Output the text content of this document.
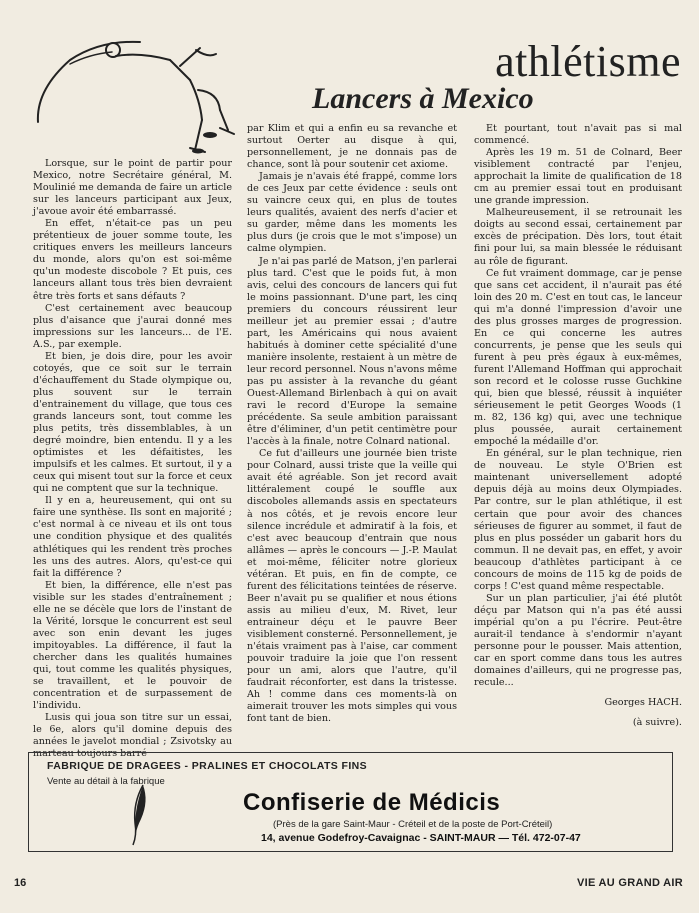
athlétisme
Lancers à Mexico

Lorsque, sur le point de partir pour Mexico, notre Secrétaire général, M. Moulinié me demanda de faire un article sur les lanceurs participant aux Jeux, j'avoue avoir été embarrassé.

En effet, n'était-ce pas un peu prétentieux de jouer somme toute, les critiques envers les meilleurs lanceurs du monde, alors qu'on est soi-même qu'un modeste discobole ? Et puis, ces lanceurs allant tous très bien devraient être très forts et sans défauts ?

C'est certainement avec beaucoup plus d'aisance que j'aurai donné mes impressions sur les lanceurs... de l'E. A.S., par exemple.

Et bien, je dois dire, pour les avoir cotoyés, que ce soit sur le terrain d'échauffement du Stade olympique ou, plus souvent sur le terrain d'entrainement du village, que tous ces grands lanceurs sont, tout comme les plus petits, très dissemblables, à un degré moindre, bien entendu. Il y a les optimistes et les défaitistes, les impulsifs et les calmes. Et surtout, il y a ceux qui misent tout sur la force et ceux qui ne comptent que sur la technique.

Il y en a, heureusement, qui ont su faire une synthèse. Ils sont en majorité ; c'est normal à ce niveau et ils ont tous une condition physique et des qualités athlétiques qui les rendent très proches les uns des autres. Alors, qu'est-ce qui fait la différence ?

Et bien, la différence, elle n'est pas visible sur les stades d'entraînement ; elle ne se décèle que lors de l'instant de la Vérité, lorsque le concurrent est seul avec son enin devant les juges impitoyables. La différence, il faut la chercher dans les qualités humaines qui, tout comme les qualités physiques, se travaillent, et le pouvoir de concentration et de surpassement de l'individu.

Lusis qui joua son titre sur un essai, le 6e, alors qu'il domine depuis des années le javelot mondial ; Zsivotsky au marteau toujours barré

par Klim et qui a enfin eu sa revanche et surtout Oerter au disque à qui, personnellement, je ne donnais pas de chance, sont là pour soutenir cet axiome.

Jamais je n'avais été frappé, comme lors de ces Jeux par cette évidence : seuls ont su vaincre ceux qui, en plus de toutes leurs qualités, avaient des nerfs d'acier et su garder, même dans les moments les plus durs (je crois que le mot s'impose) un calme olympien.

Je n'ai pas parlé de Matson, j'en parlerai plus tard. C'est que le poids fut, à mon avis, celui des concours de lancers qui fut le moins passionnant. D'une part, les cinq premiers du concours réussirent leur meilleur jet au premier essai ; d'autre part, les Américains qui nous avaient habitués à dominer cette spécialité d'une manière insolente, restaient à un mètre de leur record personnel. Nous n'avons même pas pu assister à la revanche du géant Ouest-Allemand Birlenbach à qui on avait ravi le record d'Europe la semaine précédente. Sa seule ambition paraissant être d'éliminer, d'un petit centimètre pour l'accès à la finale, notre Colnard national.

Ce fut d'ailleurs une journée bien triste pour Colnard, aussi triste que la veille qui avait été agréable. Son jet record avait littéralement coupé le souffle aux discoboles allemands assis en spectateurs à nos côtés, et je revois encore leur silence incrédule et admiratif à la fois, et c'est avec beaucoup d'entrain que nous allâmes — après le concours — J.-P. Maulat et moi-même, féliciter notre glorieux vétéran. Et puis, en fin de compte, ce furent des félicitations teintées de réserve. Beer n'avait pu se qualifier et nous étions assis au milieu d'eux, M. Rivet, leur entraineur déçu et le pauvre Beer visiblement consterné. Personnellement, je n'étais vraiment pas à l'aise, car comment pouvoir traduire la joie que l'on ressent pour un ami, alors que l'autre, qu'il faudrait réconforter, est dans la tristesse. Ah ! comme dans ces moments-là on aimerait trouver les mots simples qui vous font tant de bien.

Et pourtant, tout n'avait pas si mal commencé.

Après les 19 m. 51 de Colnard, Beer visiblement contracté par l'enjeu, approchait la limite de qualification de 18 cm au premier essai tout en produisant une grande impression.

Malheureusement, il se retrounait les doigts au second essai, certainement par excès de précipation. Dès lors, tout était fini pour lui, sa main blessée le réduisant au rôle de figurant.

Ce fut vraiment dommage, car je pense que sans cet accident, il n'aurait pas été loin des 20 m. C'est en tout cas, le lanceur qui m'a donné l'impression d'avoir une des plus grosses marges de progression. En ce qui concerne les autres concurrents, je pense que les seuls qui furent à peu près égaux à eux-mêmes, furent l'Allemand Hoffman qui approchait son record et le colosse russe Guchkine qui, bien que blessé, réussit à inquiéter sérieusement le petit Georges Woods (1 m. 82, 136 kg) qui, avec une technique plus poussée, aurait certainement empoché la médaille d'or.

En général, sur le plan technique, rien de nouveau. Le style O'Brien est maintenant universellement adopté depuis déjà au moins deux Olympiades. Par contre, sur le plan athlétique, il est certain que pour avoir des chances sérieuses de figurer au sommet, il faut de plus en plus posséder un gabarit hors du commun. Il ne devait pas, en effet, y avoir beaucoup d'athlètes participant à ce concours de moins de 115 kg de poids de corps ! C'est quand même respectable.

Sur un plan particulier, j'ai été plutôt déçu par Matson qui n'a pas été aussi impérial qu'on a pu l'écrire. Peut-être aurait-il tendance à s'endormir n'ayant personne pour le pousser. Mais attention, car en sport comme dans tous les autres domaines d'ailleurs, qui ne progresse pas, recule...

Georges HACH.
(à suivre).
FABRIQUE DE DRAGEES - PRALINES ET CHOCOLATS FINS
Vente au détail à la fabrique
Confiserie de Médicis
(Près de la gare Saint-Maur - Créteil et de la poste de Port-Créteil)
14, avenue Godefroy-Cavaignac - SAINT-MAUR — Tél. 472-07-47
16	VIE AU GRAND AIR
